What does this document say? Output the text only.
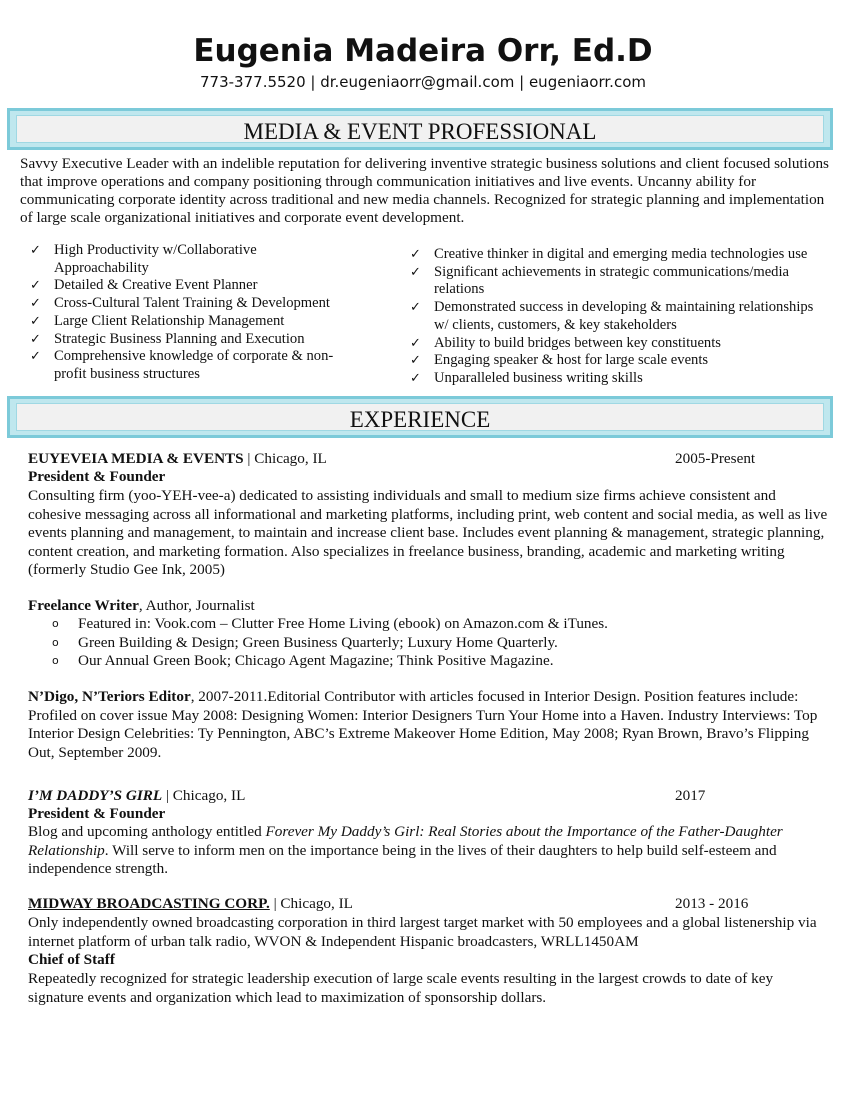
Eugenia Madeira Orr, Ed.D
773-377.5520 | dr.eugeniaorr@gmail.com | eugeniaorr.com
MEDIA & EVENT PROFESSIONAL

Savvy Executive Leader with an indelible reputation for delivering inventive strategic business solutions and client focused solutions that improve operations and company positioning through communication initiatives and live events. Uncanny ability for communicating corporate identity across traditional and new media channels. Recognized for strategic planning and implementation of large scale organizational initiatives and corporate event development.

✓ High Productivity w/Collaborative Approachability
✓ Detailed & Creative Event Planner
✓ Cross-Cultural Talent Training & Development
✓ Large Client Relationship Management
✓ Strategic Business Planning and Execution
✓ Comprehensive knowledge of corporate & non-profit business structures
✓ Creative thinker in digital and emerging media technologies use
✓ Significant achievements in strategic communications/media relations
✓ Demonstrated success in developing & maintaining relationships w/ clients, customers, & key stakeholders
✓ Ability to build bridges between key constituents
✓ Engaging speaker & host for large scale events
✓ Unparalleled business writing skills
EXPERIENCE
EUYEVEIA MEDIA & EVENTS | Chicago, IL	2005-Present
President & Founder

Consulting firm (yoo-YEH-vee-a) dedicated to assisting individuals and small to medium size firms achieve consistent and cohesive messaging across all informational and marketing platforms, including print, web content and social media, as well as live events planning and management, to maintain and increase client base. Includes event planning & management, strategic planning, content creation, and marketing formation. Also specializes in freelance business, branding, academic and marketing writing (formerly Studio Gee Ink, 2005)

Freelance Writer, Author, Journalist
o Featured in: Vook.com – Clutter Free Home Living (ebook) on Amazon.com & iTunes.
o Green Building & Design; Green Business Quarterly; Luxury Home Quarterly.
o Our Annual Green Book; Chicago Agent Magazine; Think Positive Magazine.

N’Digo, N’Teriors Editor, 2007-2011.Editorial Contributor with articles focused in Interior Design. Position features include: Profiled on cover issue May 2008: Designing Women: Interior Designers Turn Your Home into a Haven. Industry Interviews: Top Interior Design Celebrities: Ty Pennington, ABC’s Extreme Makeover Home Edition, May 2008; Ryan Brown, Bravo’s Flipping Out, September 2009.

I’M DADDY’S GIRL | Chicago, IL	2017
President & Founder

Blog and upcoming anthology entitled Forever My Daddy’s Girl: Real Stories about the Importance of the Father-Daughter Relationship. Will serve to inform men on the importance being in the lives of their daughters to help build self-esteem and independence strength.

MIDWAY BROADCASTING CORP. | Chicago, IL	2013 - 2016

Only independently owned broadcasting corporation in third largest target market with 50 employees and a global listenership via internet platform of urban talk radio, WVON & Independent Hispanic broadcasters, WRLL1450AM

Chief of Staff

Repeatedly recognized for strategic leadership execution of large scale events resulting in the largest crowds to date of key signature events and organization which lead to maximization of sponsorship dollars.
